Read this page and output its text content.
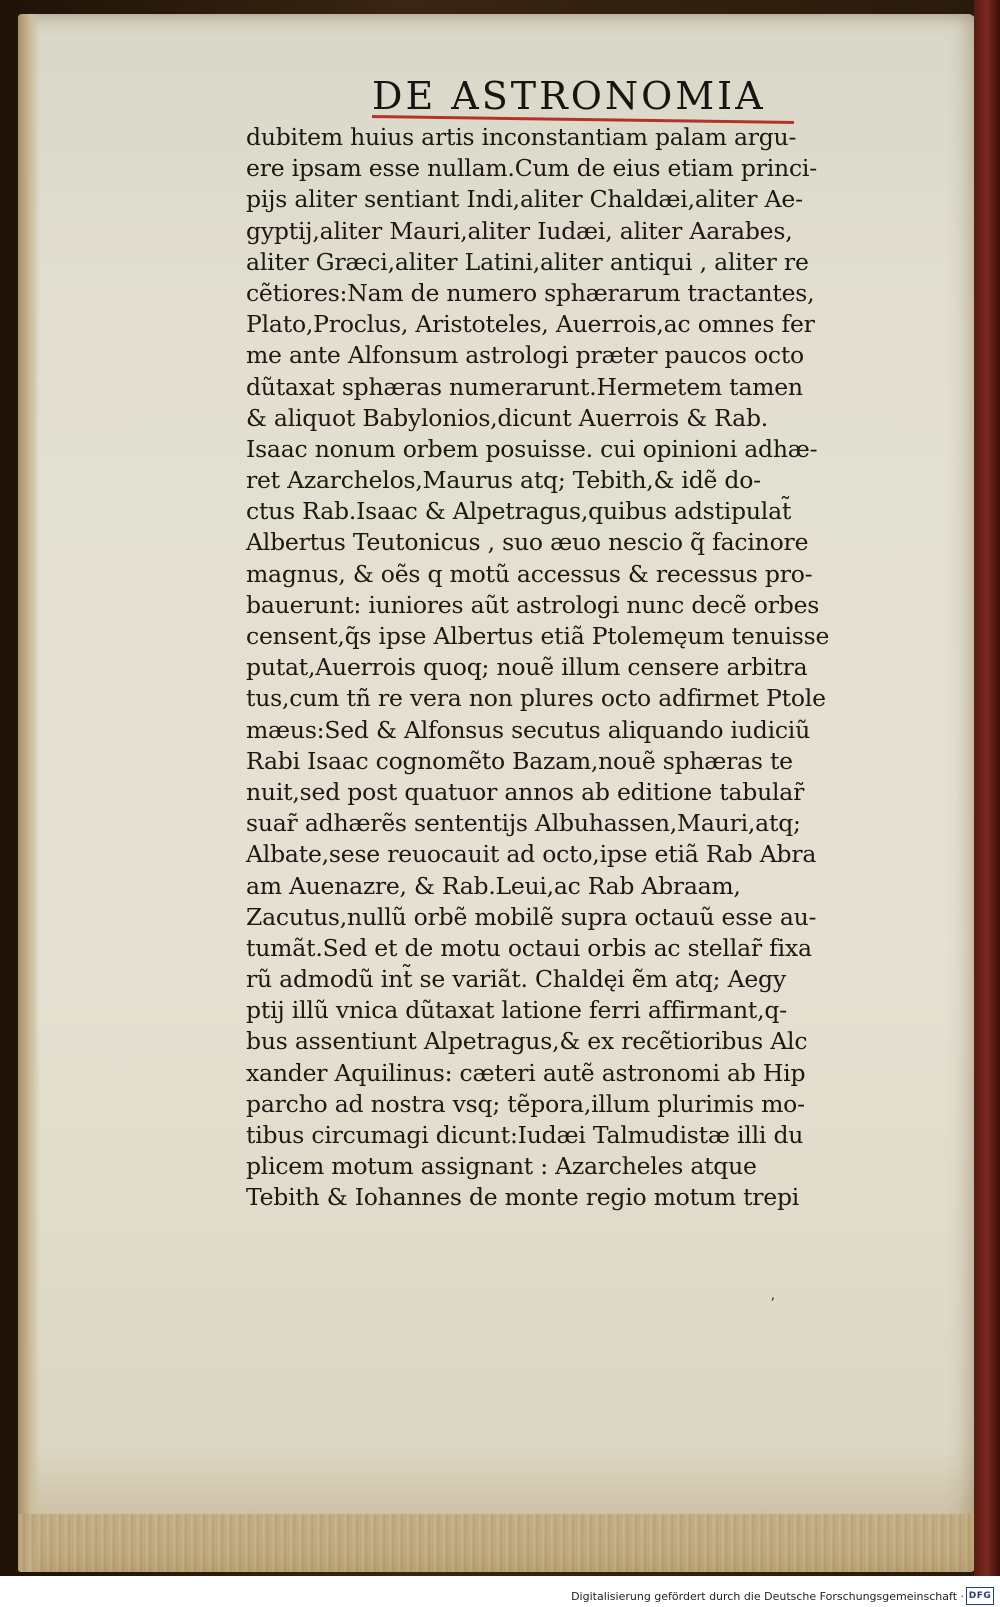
DE ASTRONOMIA
dubitem huius artis inconstantiam palam argu-
ere ipsam esse nullam.Cum de eius etiam princi-
pijs aliter sentiant Indi,aliter Chaldæi,aliter Ae-
gyptij,aliter Mauri,aliter Iudæi, aliter Aarabes,
aliter Græci,aliter Latini,aliter antiqui , aliter re
cẽtiores:Nam de numero sphærarum tractantes,
Plato,Proclus, Aristoteles, Auerrois,ac omnes fer
me ante Alfonsum astrologi præter paucos octo
dũtaxat sphæras numerarunt.Hermetem tamen
& aliquot Babylonios,dicunt Auerrois & Rab.
Isaac nonum orbem posuisse. cui opinioni adhæ-
ret Azarchelos,Maurus atq; Tebith,& idẽ do-
ctus Rab.Isaac & Alpetragus,quibus adstipulat̃
Albertus Teutonicus , suo æuo nescio q̃ facinore
magnus, & oẽs q motũ accessus & recessus pro-
bauerunt: iuniores aũt astrologi nunc decẽ orbes
censent,q̃s ipse Albertus etiã Ptolemęum tenuisse
putat,Auerrois quoq; nouẽ illum censere arbitra
tus,cum tñ re vera non plures octo adfirmet Ptole
mæus:Sed & Alfonsus secutus aliquando iudiciũ
Rabi Isaac cognomẽto Bazam,nouẽ sphæras te
nuit,sed post quatuor annos ab editione tabular̃
suar̃ adhærẽs sententijs Albuhassen,Mauri,atq;
Albate,sese reuocauit ad octo,ipse etiã Rab Abra
am Auenazre, & Rab.Leui,ac Rab Abraam,
Zacutus,nullũ orbẽ mobilẽ supra octauũ esse au-
tumãt.Sed et de motu octaui orbis ac stellar̃ fixa
rũ admodũ int̃ se variãt. Chaldęi ẽm atq; Aegy
ptij illũ vnica dũtaxat latione ferri affirmant,q-
bus assentiunt Alpetragus,& ex recẽtioribus Alc
xander Aquilinus: cæteri autẽ astronomi ab Hip
parcho ad nostra vsq; tẽpora,illum plurimis mo-
tibus circumagi dicunt:Iudæi Talmudistæ illi du
plicem motum assignant : Azarcheles atque
Tebith & Iohannes de monte regio motum trepi
ʼ
Digitalisierung gefördert durch die Deutsche Forschungsgemeinschaft · DFG
